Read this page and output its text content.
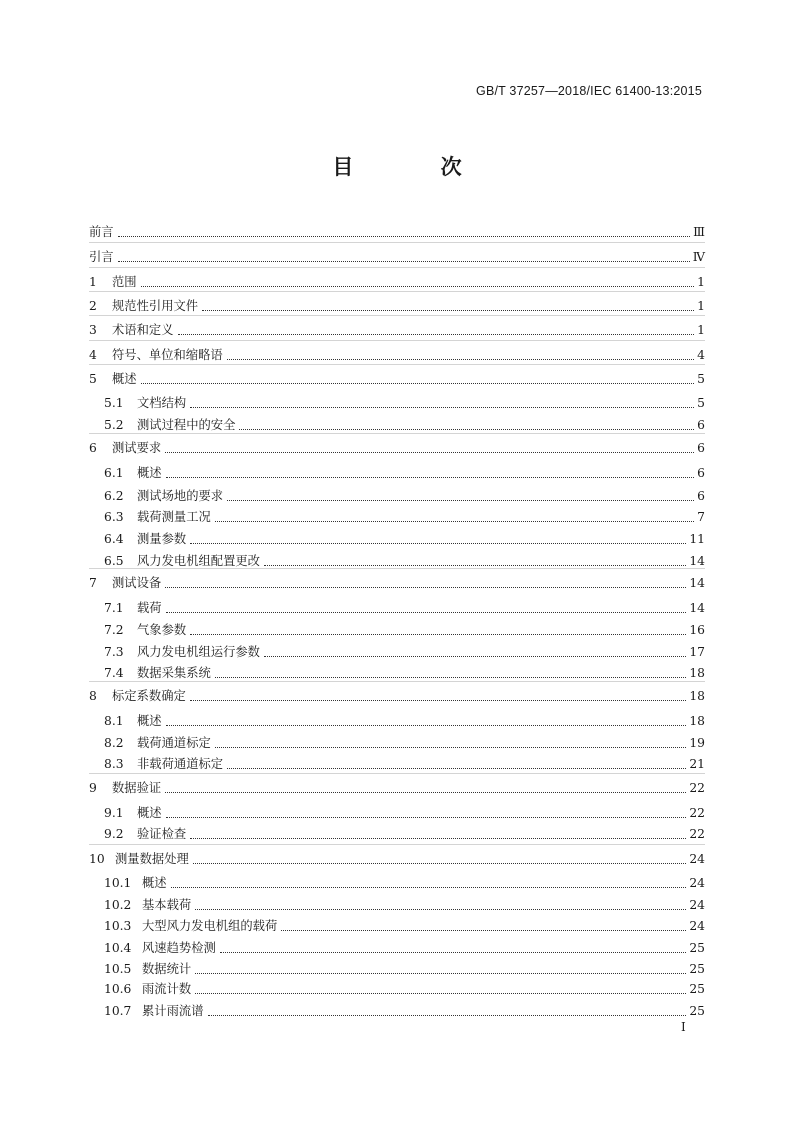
GB/T 37257—2018/IEC 61400-13:2015
目 次
前言	Ⅲ
引言	Ⅳ
1	范围	1
2	规范性引用文件	1
3	术语和定义	1
4	符号、单位和缩略语	4
5	概述	5
5.1	文档结构	5
5.2	测试过程中的安全	6
6	测试要求	6
6.1	概述	6
6.2	测试场地的要求	6
6.3	载荷测量工况	7
6.4	测量参数	11
6.5	风力发电机组配置更改	14
7	测试设备	14
7.1	载荷	14
7.2	气象参数	16
7.3	风力发电机组运行参数	17
7.4	数据采集系统	18
8	标定系数确定	18
8.1	概述	18
8.2	载荷通道标定	19
8.3	非载荷通道标定	21
9	数据验证	22
9.1	概述	22
9.2	验证检查	22
10 测量数据处理	24
10.1 概述	24
10.2 基本载荷	24
10.3 大型风力发电机组的载荷	24
10.4 风速趋势检测	25
10.5 数据统计	25
10.6 雨流计数	25
10.7 累计雨流谱	25
I
